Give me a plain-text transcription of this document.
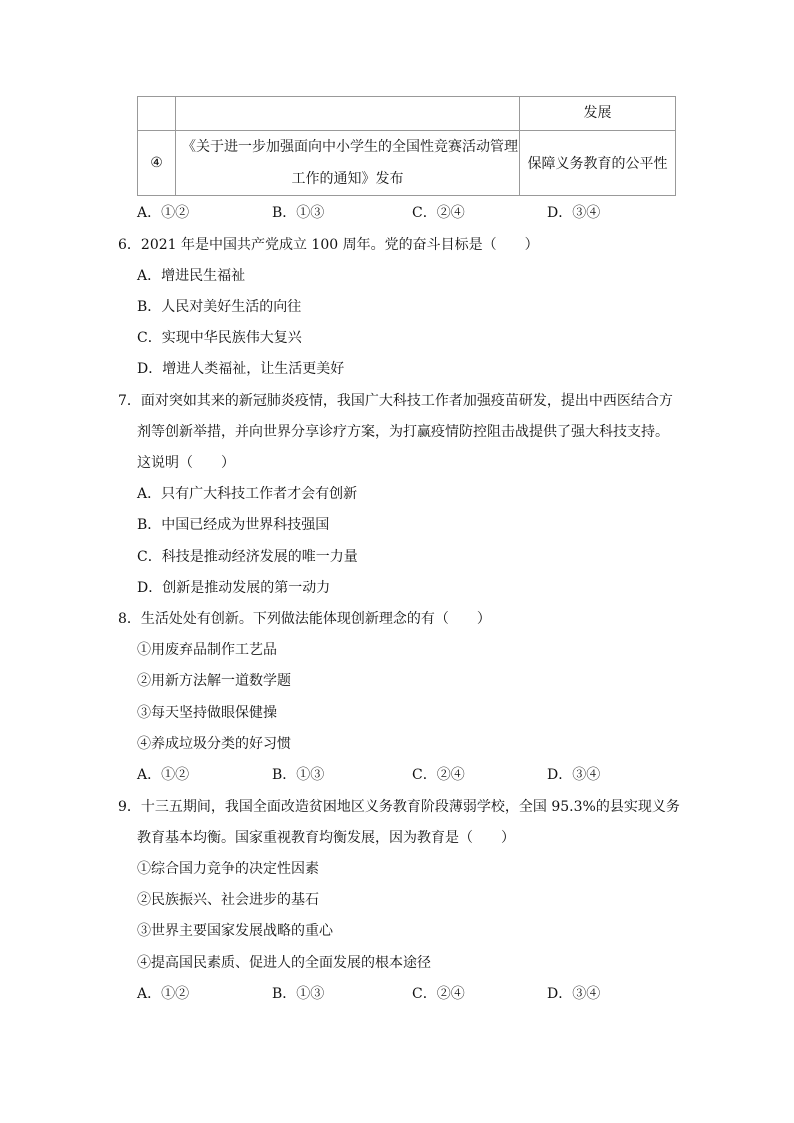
		发展
④	《关于进一步加强面向中小学生的全国性竞赛活动管理
工作的通知》发布	保障义务教育的公平性
A．①②	B．①③	C．②④	D．③④
6．2021 年是中国共产党成立 100 周年。党的奋斗目标是（　　）
A．增进民生福祉
B．人民对美好生活的向往
C．实现中华民族伟大复兴
D．增进人类福祉，让生活更美好
7．面对突如其来的新冠肺炎疫情，我国广大科技工作者加强疫苗研发，提出中西医结合方
剂等创新举措，并向世界分享诊疗方案，为打赢疫情防控阻击战提供了强大科技支持。
这说明（　　）
A．只有广大科技工作者才会有创新
B．中国已经成为世界科技强国
C．科技是推动经济发展的唯一力量
D．创新是推动发展的第一动力
8．生活处处有创新。下列做法能体现创新理念的有（　　）
①用废弃品制作工艺品
②用新方法解一道数学题
③每天坚持做眼保健操
④养成垃圾分类的好习惯
A．①②	B．①③	C．②④	D．③④
9．十三五期间，我国全面改造贫困地区义务教育阶段薄弱学校，全国 95.3%的县实现义务
教育基本均衡。国家重视教育均衡发展，因为教育是（　　）
①综合国力竞争的决定性因素
②民族振兴、社会进步的基石
③世界主要国家发展战略的重心
④提高国民素质、促进人的全面发展的根本途径
A．①②	B．①③	C．②④	D．③④
